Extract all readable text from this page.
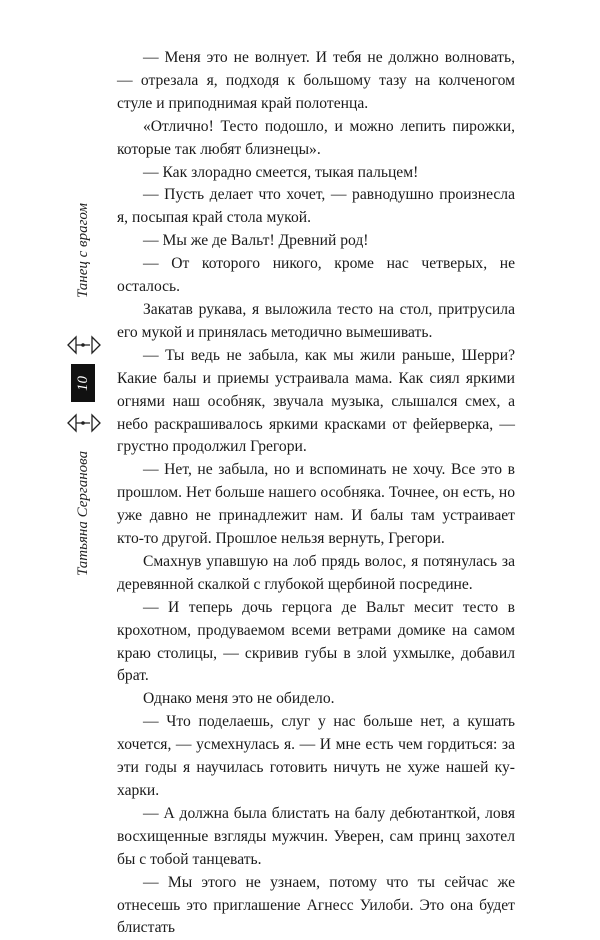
Танец с врагом
10
Татьяна Серганова

— Меня это не волнует. И тебя не должно волновать, — отрезала я, подходя к большому тазу на колченогом стуле и приподнимая край полотенца.

«Отлично! Тесто подошло, и можно лепить пирожки, которые так любят близнецы».

— Как злорадно смеется, тыкая пальцем!

— Пусть делает что хочет, — равнодушно произнесла я, посыпая край стола мукой.

— Мы же де Вальт! Древний род!

— От которого никого, кроме нас четверых, не осталось.

Закатав рукава, я выложила тесто на стол, притрусила его мукой и принялась методично вымешивать.

— Ты ведь не забыла, как мы жили раньше, Шерри? Какие балы и приемы устраивала мама. Как сиял яркими огнями наш особняк, звучала музыка, слышался смех, а небо раскрашивалось яркими красками от фейерверка, — грустно продолжил Грегори.

— Нет, не забыла, но и вспоминать не хочу. Все это в прошлом. Нет больше нашего особняка. Точнее, он есть, но уже давно не принадлежит нам. И балы там устраивает кто-то другой. Прошлое нельзя вернуть, Грегори.

Смахнув упавшую на лоб прядь волос, я потянулась за деревянной скалкой с глубокой щербиной посредине.

— И теперь дочь герцога де Вальт месит тесто в крохотном, продуваемом всеми ветрами домике на самом краю столицы, — скривив губы в злой ухмылке, добавил брат.

Однако меня это не обидело.

— Что поделаешь, слуг у нас больше нет, а кушать хочется, — усмехнулась я. — И мне есть чем гордиться: за эти годы я научилась готовить ничуть не хуже нашей кухарки.

— А должна была блистать на балу дебютанткой, ловя восхищенные взгляды мужчин. Уверен, сам принц захотел бы с тобой танцевать.

— Мы этого не узнаем, потому что ты сейчас же отнесешь это приглашение Агнесс Уилоби. Это она будет блистать
